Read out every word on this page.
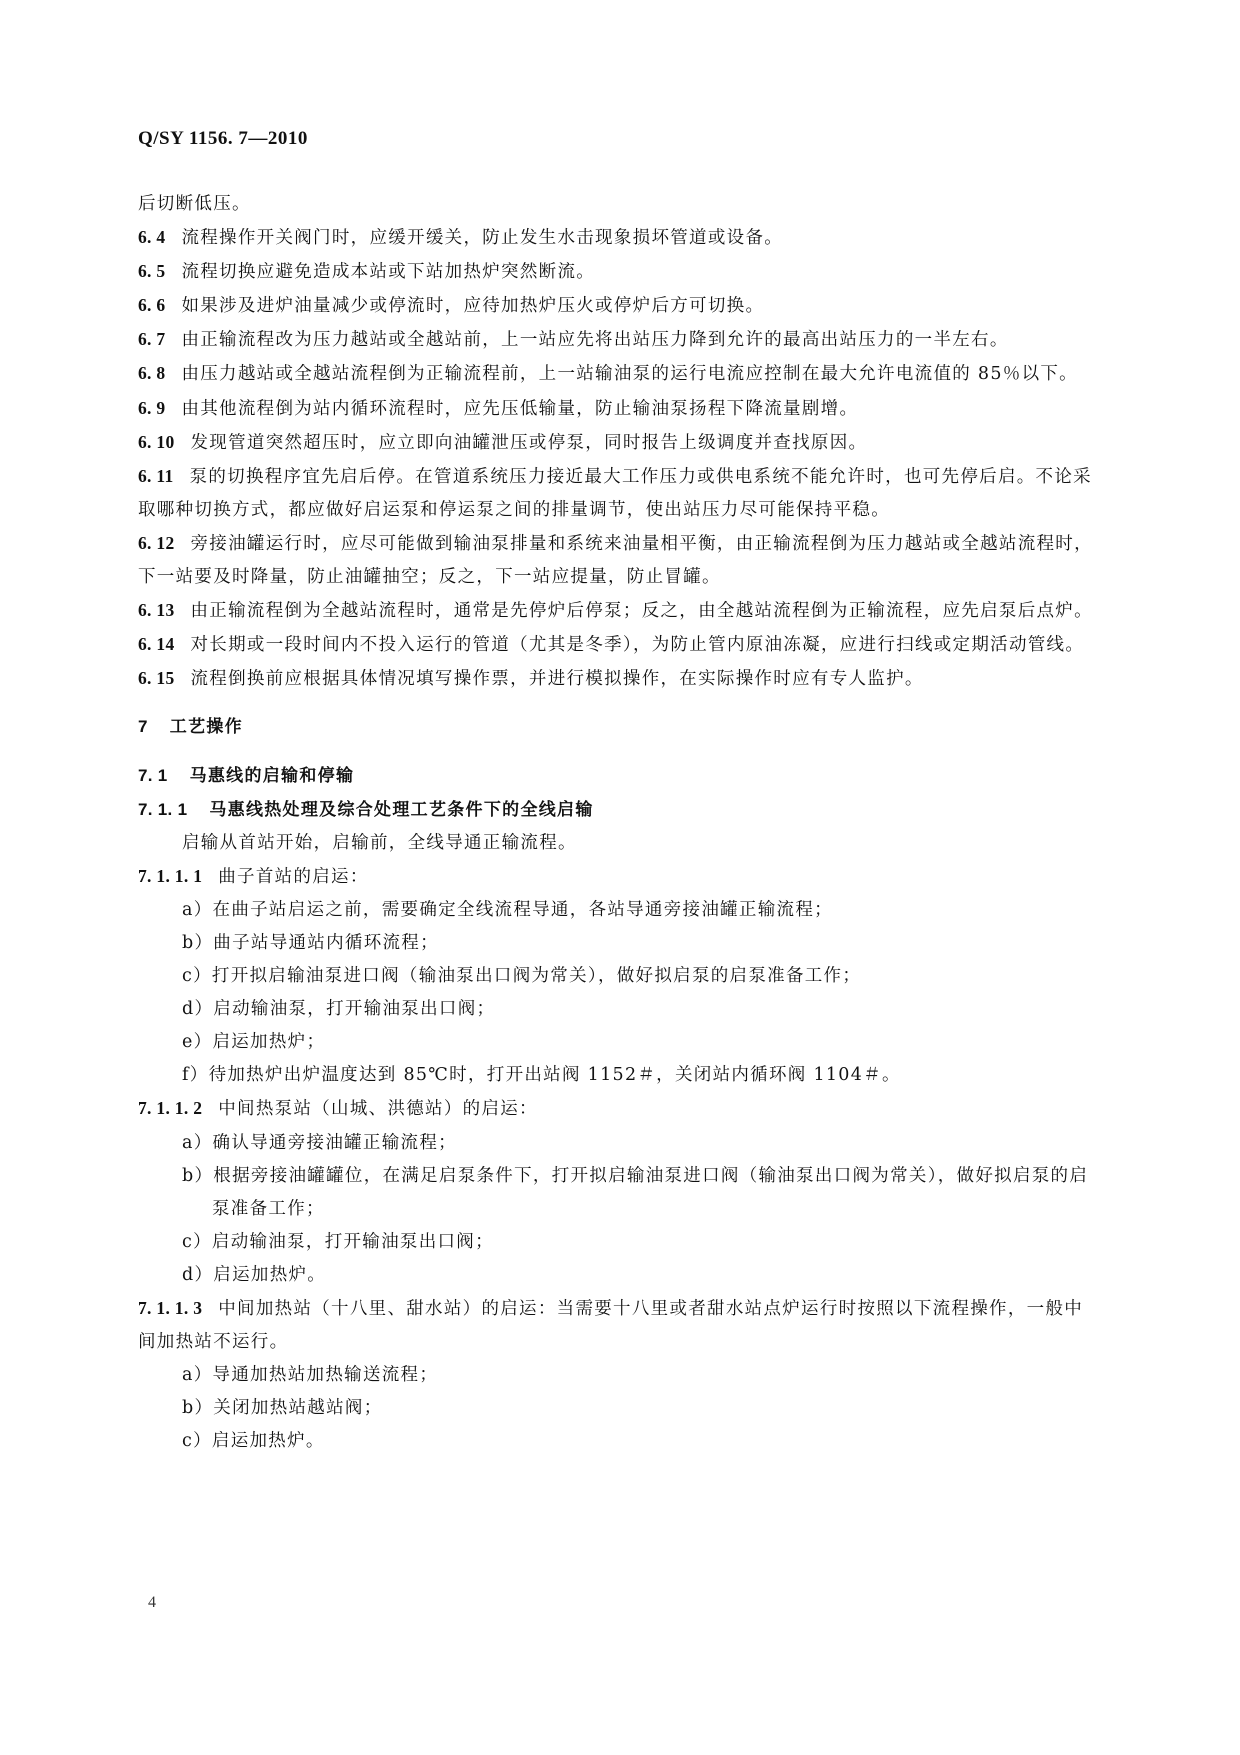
Q/SY 1156. 7—2010

后切断低压。

6. 4 流程操作开关阀门时，应缓开缓关，防止发生水击现象损坏管道或设备。

6. 5 流程切换应避免造成本站或下站加热炉突然断流。

6. 6 如果涉及进炉油量减少或停流时，应待加热炉压火或停炉后方可切换。

6. 7 由正输流程改为压力越站或全越站前，上一站应先将出站压力降到允许的最高出站压力的一半左右。

6. 8 由压力越站或全越站流程倒为正输流程前，上一站输油泵的运行电流应控制在最大允许电流值的 85％以下。

6. 9 由其他流程倒为站内循环流程时，应先压低输量，防止输油泵扬程下降流量剧增。

6. 10 发现管道突然超压时，应立即向油罐泄压或停泵，同时报告上级调度并查找原因。

6. 11 泵的切换程序宜先启后停。在管道系统压力接近最大工作压力或供电系统不能允许时，也可先停后启。不论采取哪种切换方式，都应做好启运泵和停运泵之间的排量调节，使出站压力尽可能保持平稳。

6. 12 旁接油罐运行时，应尽可能做到输油泵排量和系统来油量相平衡，由正输流程倒为压力越站或全越站流程时，下一站要及时降量，防止油罐抽空；反之，下一站应提量，防止冒罐。

6. 13 由正输流程倒为全越站流程时，通常是先停炉后停泵；反之，由全越站流程倒为正输流程，应先启泵后点炉。

6. 14 对长期或一段时间内不投入运行的管道（尤其是冬季），为防止管内原油冻凝，应进行扫线或定期活动管线。

6. 15 流程倒换前应根据具体情况填写操作票，并进行模拟操作，在实际操作时应有专人监护。

7 工艺操作

7. 1 马惠线的启输和停输

7. 1. 1 马惠线热处理及综合处理工艺条件下的全线启输

启输从首站开始，启输前，全线导通正输流程。

7. 1. 1. 1 曲子首站的启运：

a）在曲子站启运之前，需要确定全线流程导通，各站导通旁接油罐正输流程；

b）曲子站导通站内循环流程；

c）打开拟启输油泵进口阀（输油泵出口阀为常关），做好拟启泵的启泵准备工作；

d）启动输油泵，打开输油泵出口阀；

e）启运加热炉；

f）待加热炉出炉温度达到 85℃时，打开出站阀 1152＃，关闭站内循环阀 1104＃。

7. 1. 1. 2 中间热泵站（山城、洪德站）的启运：

a）确认导通旁接油罐正输流程；

b）根据旁接油罐罐位，在满足启泵条件下，打开拟启输油泵进口阀（输油泵出口阀为常关），做好拟启泵的启泵准备工作；

c）启动输油泵，打开输油泵出口阀；

d）启运加热炉。

7. 1. 1. 3 中间加热站（十八里、甜水站）的启运：当需要十八里或者甜水站点炉运行时按照以下流程操作，一般中间加热站不运行。

a）导通加热站加热输送流程；

b）关闭加热站越站阀；

c）启运加热炉。

4
